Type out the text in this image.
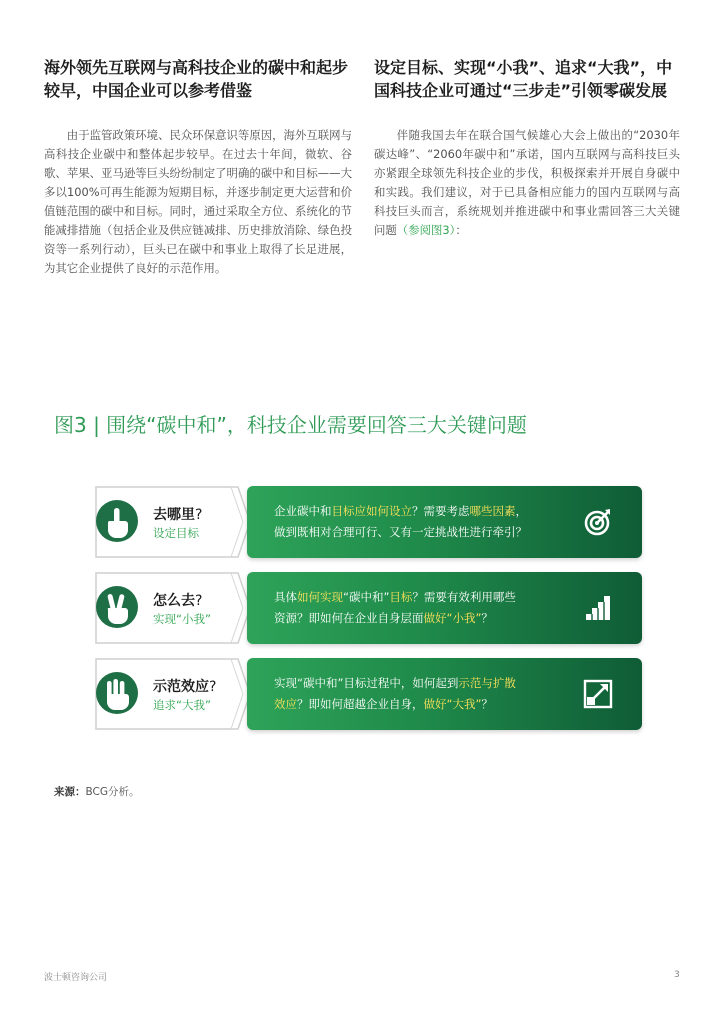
海外领先互联网与高科技企业的碳中和起步较早，中国企业可以参考借鉴

由于监管政策环境、民众环保意识等原因，海外互联网与高科技企业碳中和整体起步较早。在过去十年间，微软、谷歌、苹果、亚马逊等巨头纷纷制定了明确的碳中和目标——大多以100%可再生能源为短期目标，并逐步制定更大运营和价值链范围的碳中和目标。同时，通过采取全方位、系统化的节能减排措施（包括企业及供应链减排、历史排放消除、绿色投资等一系列行动），巨头已在碳中和事业上取得了长足进展，为其它企业提供了良好的示范作用。

设定目标、实现“小我”、追求“大我”，中国科技企业可通过“三步走”引领零碳发展

伴随我国去年在联合国气候雄心大会上做出的“2030年碳达峰”、“2060年碳中和”承诺，国内互联网与高科技巨头亦紧跟全球领先科技企业的步伐，积极探索并开展自身碳中和实践。我们建议，对于已具备相应能力的国内互联网与高科技巨头而言，系统规划并推进碳中和事业需回答三大关键问题（参阅图3）：

图3 | 围绕“碳中和”，科技企业需要回答三大关键问题
去哪里?
设定目标
企业碳中和目标应如何设立？需要考虑哪些因素，
做到既相对合理可行、又有一定挑战性进行牵引？
怎么去?
实现“小我”
具体如何实现“碳中和”目标？需要有效利用哪些
资源？即如何在企业自身层面做好“小我”？
示范效应?
追求“大我”
实现“碳中和”目标过程中，如何起到示范与扩散
效应？即如何超越企业自身，做好“大我”？
来源：BCG分析。
波士顿咨询公司	3
